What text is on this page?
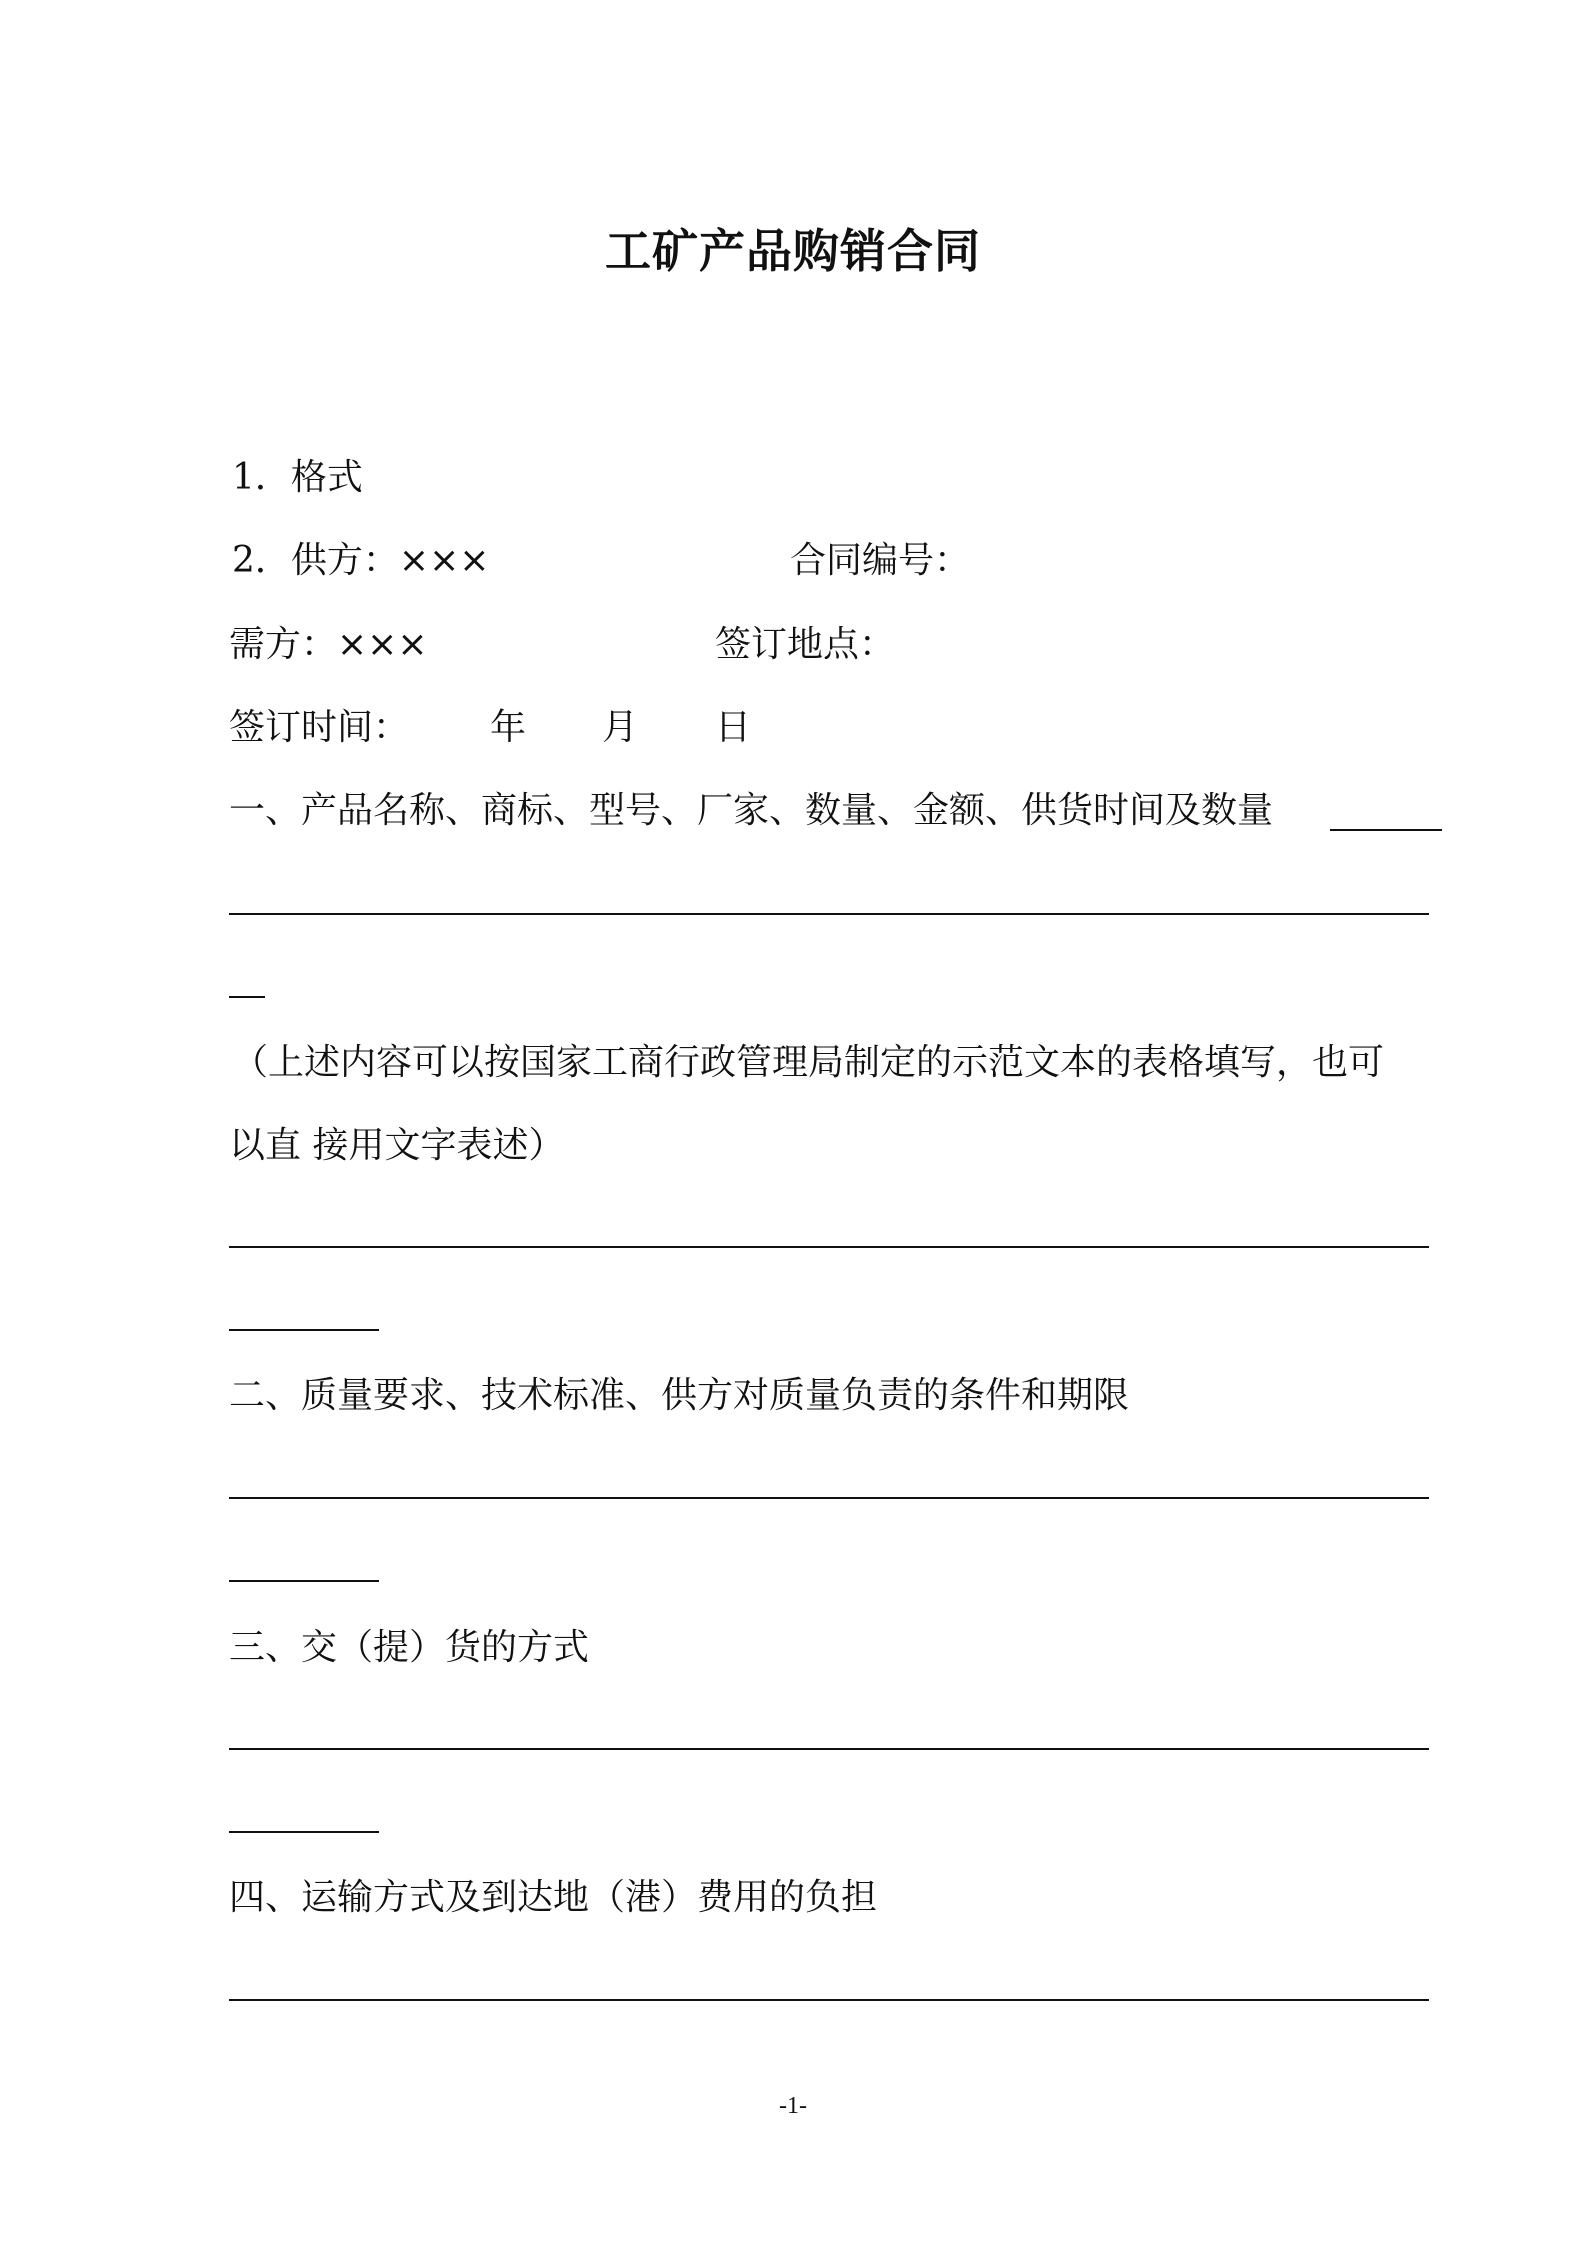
工矿产品购销合同
1．格式
2．供方：×××	合同编号：
需方：×××	签订地点：
签订时间： 年 月 日
一、产品名称、商标、型号、厂家、数量、金额、供货时间及数量
（上述内容可以按国家工商行政管理局制定的示范文本的表格填写，也可
以直 接用文字表述）
二、质量要求、技术标准、供方对质量负责的条件和期限
三、交（提）货的方式
四、运输方式及到达地（港）费用的负担
-1-
